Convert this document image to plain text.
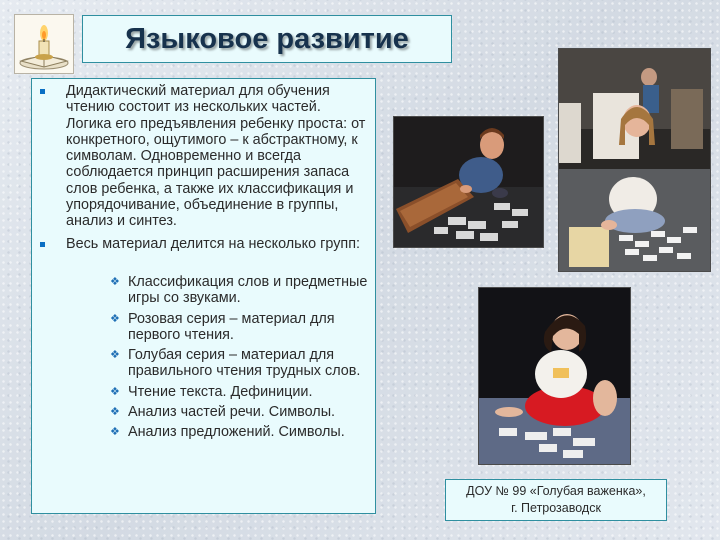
Языковое развитие
Дидактический материал для обучения чтению состоит из нескольких частей. Логика его предъявления ребенку проста: от конкретного, ощутимого – к абстрактному, к символам. Одновременно и всегда соблюдается принцип расширения запаса слов ребенка, а также их классификация и упорядочивание, объединение в группы, анализ и синтез.
Весь материал делится на несколько групп:
❖ Классификация слов и предметные игры со звуками.
❖ Розовая серия – материал для первого чтения.
❖ Голубая серия – материал для правильного чтения трудных слов.
❖ Чтение текста. Дефиниции.
❖ Анализ частей речи. Символы.
❖ Анализ предложений. Символы.
ДОУ № 99 «Голубая важенка»,
г. Петрозаводск
